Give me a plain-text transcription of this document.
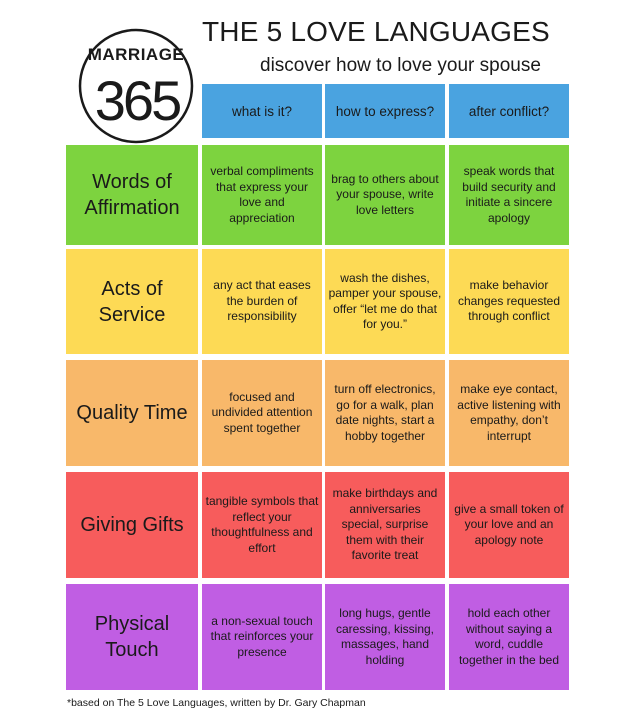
MARRIAGE
365
THE 5 LOVE LANGUAGES
discover how to love your spouse
what is it?	how to express?	after conflict?
Words of
Affirmation
verbal compliments that express your love and appreciation
brag to others about your spouse, write love letters
speak words that build security and initiate a sincere apology
Acts of
Service
any act that eases the burden of responsibility
wash the dishes, pamper your spouse, offer “let me do that for you.”
make behavior changes requested through conflict
Quality Time
focused and undivided attention spent together
turn off electronics, go for a walk, plan date nights, start a hobby together
make eye contact, active listening with empathy, don’t interrupt
Giving Gifts
tangible symbols that reflect your thoughtfulness and effort
make birthdays and anniversaries special, surprise them with their favorite treat
give a small token of your love and an apology note
Physical
Touch
a non-sexual touch that reinforces your presence
long hugs, gentle caressing, kissing, massages, hand holding
hold each other without saying a word, cuddle together in the bed
*based on The 5 Love Languages, written by Dr. Gary Chapman
